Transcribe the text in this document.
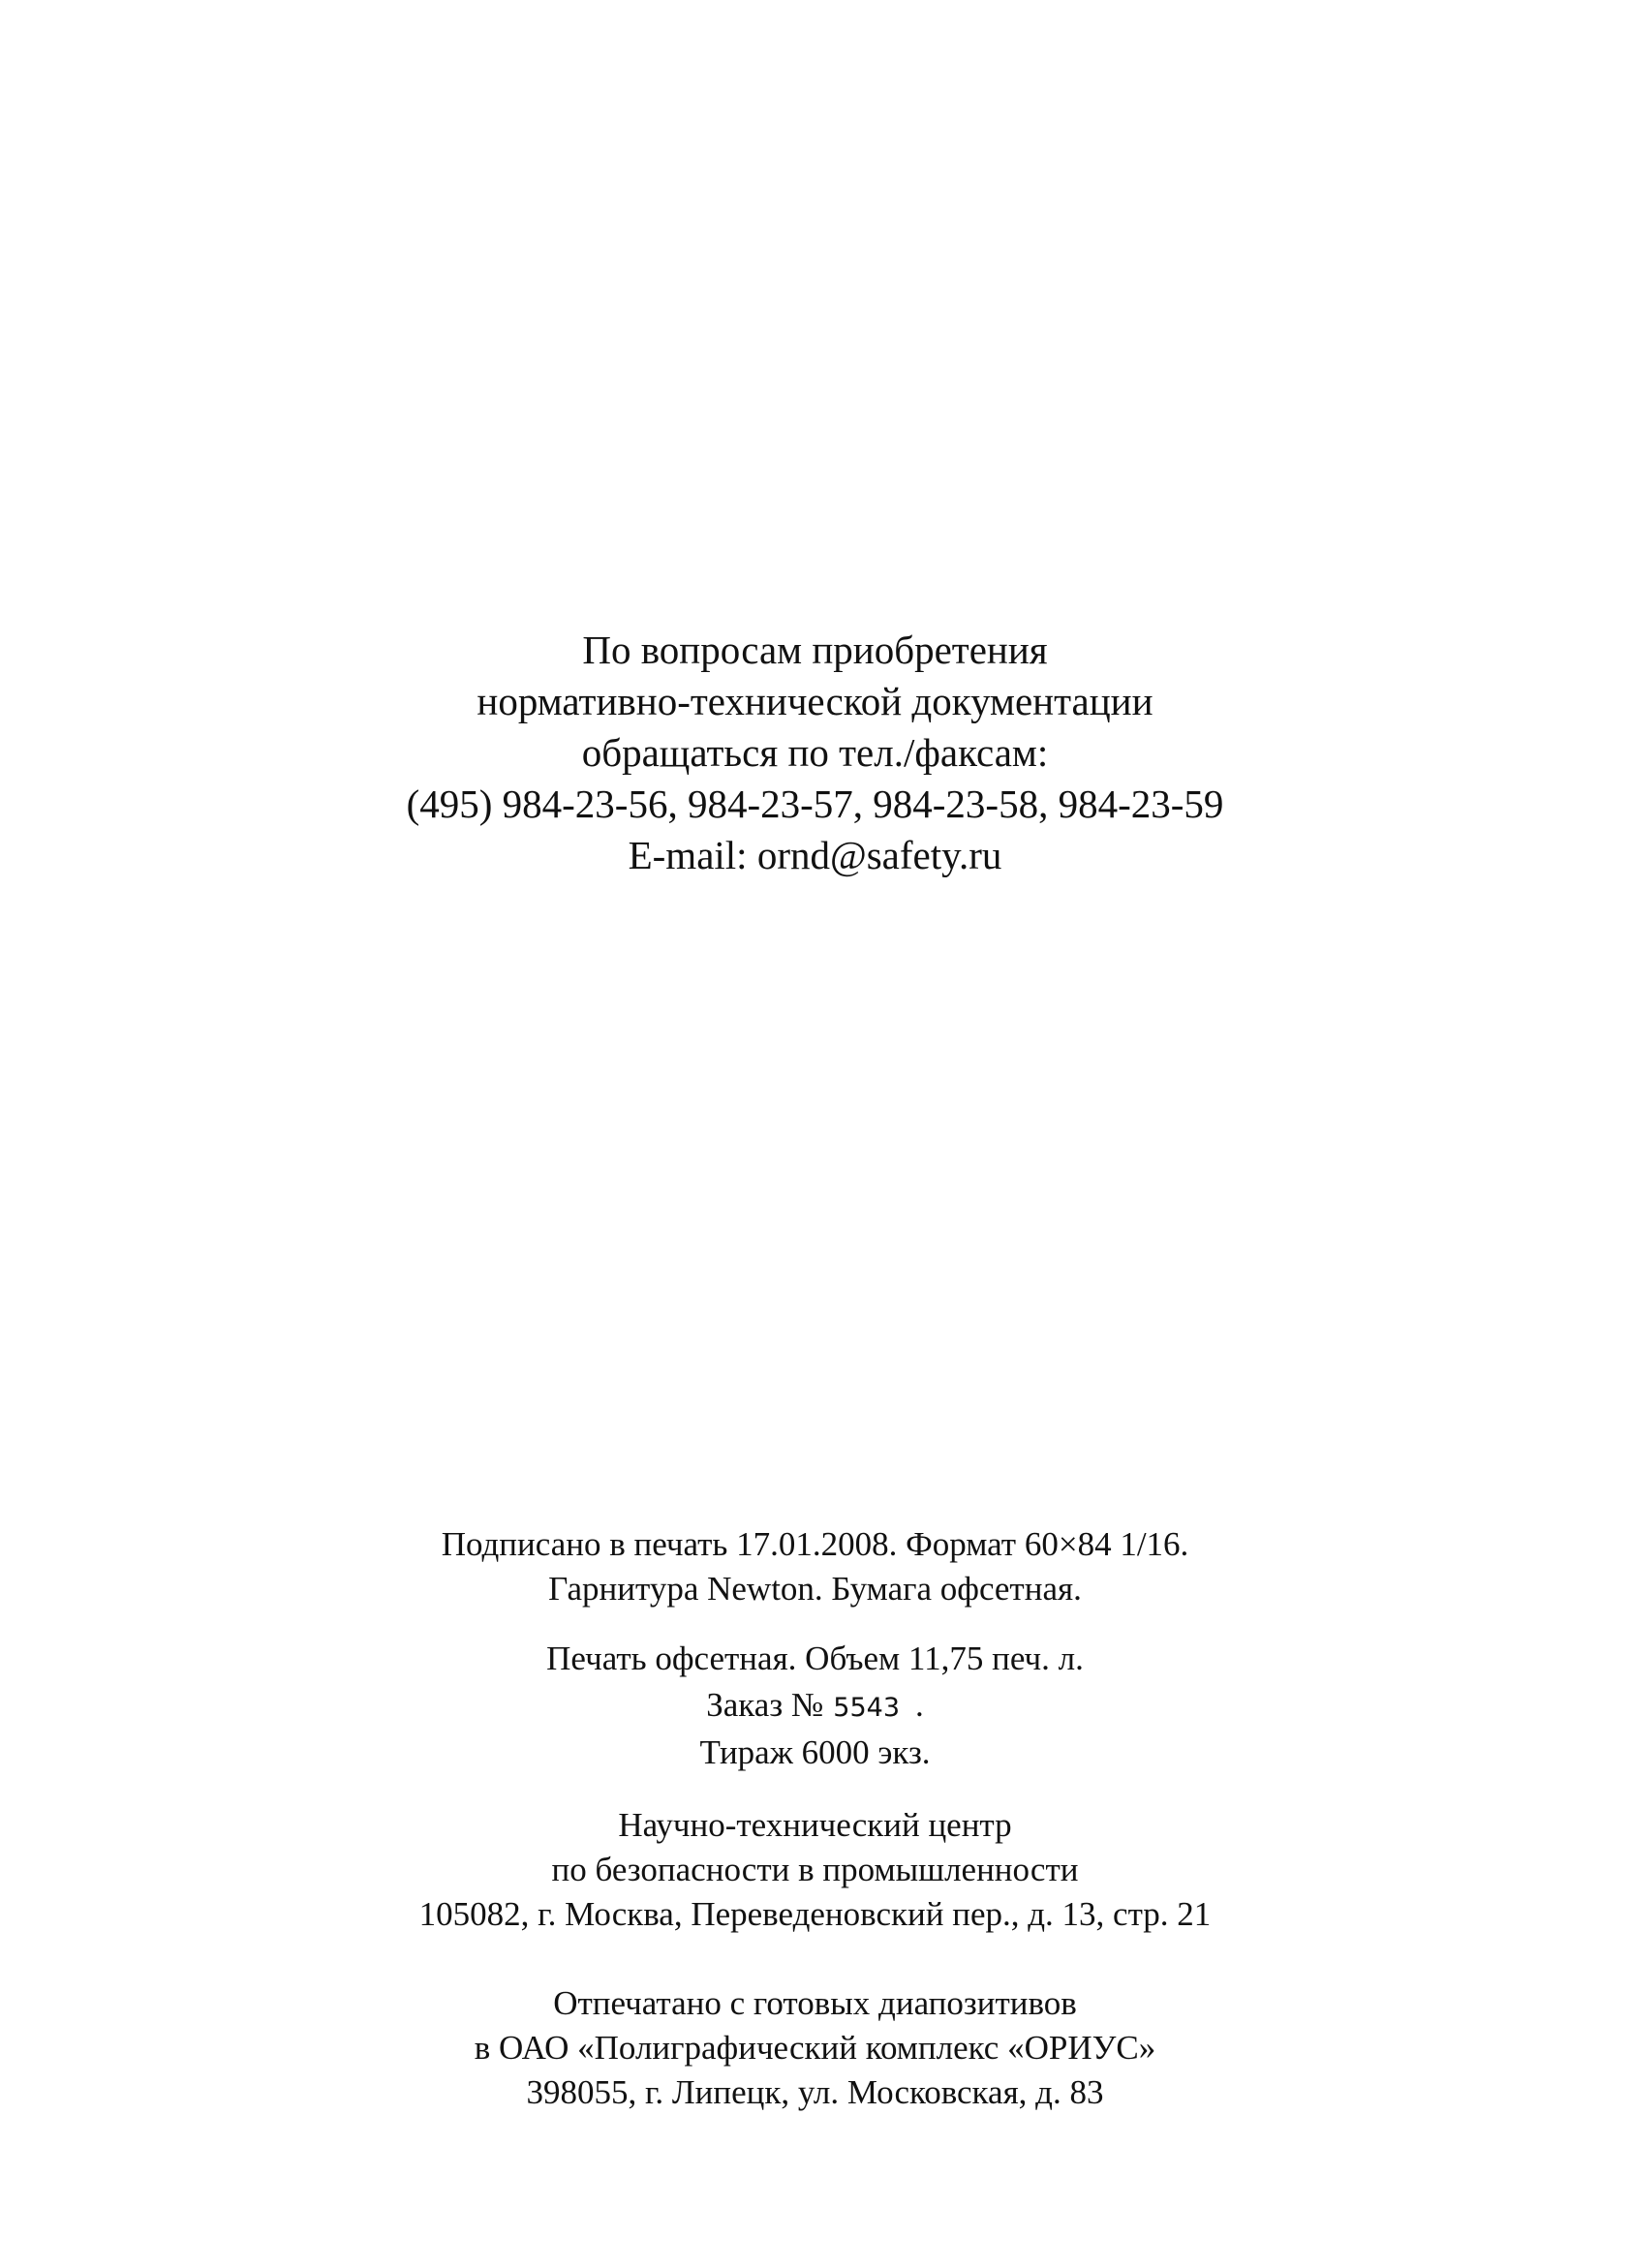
По вопросам приобретения
нормативно-технической документации
обращаться по тел./факсам:
(495) 984-23-56, 984-23-57, 984-23-58, 984-23-59
E-mail: ornd@safety.ru
Подписано в печать 17.01.2008. Формат 60×84 1/16.
Гарнитура Newton. Бумага офсетная.
Печать офсетная. Объем 11,75 печ. л.
Заказ № 5543 .
Тираж 6000 экз.
Научно-технический центр
по безопасности в промышленности
105082, г. Москва, Переведеновский пер., д. 13, стр. 21
Отпечатано с готовых диапозитивов
в ОАО «Полиграфический комплекс «ОРИУС»
398055, г. Липецк, ул. Московская, д. 83
